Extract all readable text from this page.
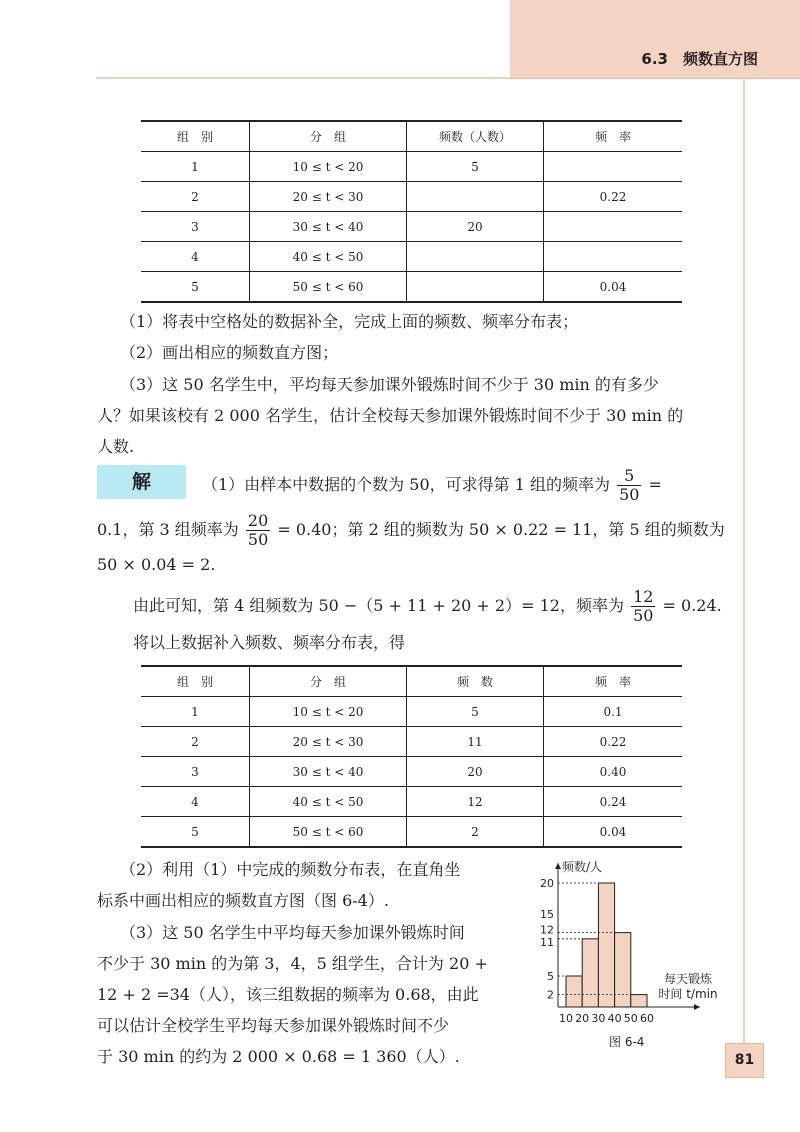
6.3　频数直方图
组　别	分　组	频数（人数）	频　率
1	10 ≤ t < 20	5	
2	20 ≤ t < 30		0.22
3	30 ≤ t < 40	20	
4	40 ≤ t < 50		
5	50 ≤ t < 60		0.04
（1）将表中空格处的数据补全，完成上面的频数、频率分布表；
（2）画出相应的频数直方图；
（3）这 50 名学生中，平均每天参加课外锻炼时间不少于 30 min 的有多少
人？如果该校有 2 000 名学生，估计全校每天参加课外锻炼时间不少于 30 min 的
人数.
解	（1）由样本中数据的个数为 50，可求得第 1 组的频率为 $\frac{5}{50}$ =
0.1，第 3 组频率为 $\frac{20}{50} = 0.40$；第 2 组的频数为 50 × 0.22 = 11，第 5 组的频数为
50 × 0.04 = 2.
由此可知，第 4 组频数为 50 −（5 + 11 + 20 + 2）= 12，频率为 $\frac{12}{50} = 0.24$.
将以上数据补入频数、频率分布表，得
组　别	分　组	频　数	频　率
1	10 ≤ t < 20	5	0.1
2	20 ≤ t < 30	11	0.22
3	30 ≤ t < 40	20	0.40
4	40 ≤ t < 50	12	0.24
5	50 ≤ t < 60	2	0.04
（2）利用（1）中完成的频数分布表，在直角坐
标系中画出相应的频数直方图（图 6-4）.
（3）这 50 名学生中平均每天参加课外锻炼时间
不少于 30 min 的为第 3，4，5 组学生，合计为 20 +
12 + 2 =34（人），该三组数据的频率为 0.68，由此
可以估计全校学生平均每天参加课外锻炼时间不少
于 30 min 的约为 2 000 × 0.68 = 1 360（人）.
2
5
11
12
15
20
10 20 30 40 50 60
频数/人
每天锻炼
时间 t/min
图 6-4
81
